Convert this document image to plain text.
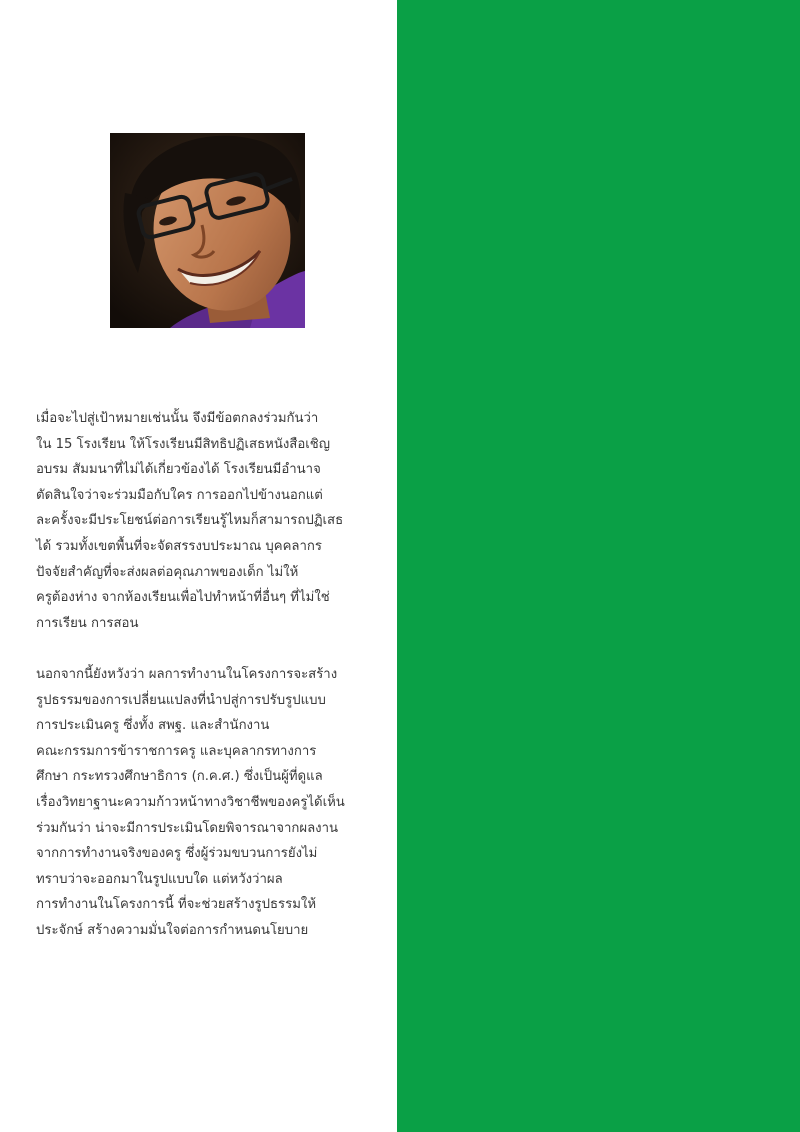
เมื่อจะไปสู่เป้าหมายเช่นนั้น จึงมีข้อตกลงร่วมกันว่า
ใน 15 โรงเรียน ให้โรงเรียนมีสิทธิปฏิเสธหนังสือเชิญ
อบรม สัมมนาที่ไม่ได้เกี่ยวข้องได้ โรงเรียนมีอำนาจ
ตัดสินใจว่าจะร่วมมือกับใคร การออกไปข้างนอกแต่
ละครั้งจะมีประโยชน์ต่อการเรียนรู้ไหมก็สามารถปฏิเสธ
ได้ รวมทั้งเขตพื้นที่จะจัดสรรงบประมาณ บุคคลากร
ปัจจัยสำคัญที่จะส่งผลต่อคุณภาพของเด็ก ไม่ให้
ครูต้องห่าง จากห้องเรียนเพื่อไปทำหน้าที่อื่นๆ ที่ไม่ใช่
การเรียน การสอน

นอกจากนี้ยังหวังว่า ผลการทำงานในโครงการจะสร้าง
รูปธรรมของการเปลี่ยนแปลงที่นำปสู่การปรับรูปแบบ
การประเมินครู ซึ่งทั้ง สพฐ. และสำนักงาน
คณะกรรมการข้าราชการครู และบุคลากรทางการ
ศึกษา กระทรวงศึกษาธิการ (ก.ค.ศ.) ซึ่งเป็นผู้ที่ดูแล
เรื่องวิทยาฐานะความก้าวหน้าทางวิชาชีพของครูได้เห็น
ร่วมกันว่า น่าจะมีการประเมินโดยพิจารณาจากผลงาน
จากการทำงานจริงของครู ซึ่งผู้ร่วมขบวนการยังไม่
ทราบว่าจะออกมาในรูปแบบใด แต่หวังว่าผล
การทำงานในโครงการนี้ ที่จะช่วยสร้างรูปธรรมให้
ประจักษ์ สร้างความมั่นใจต่อการกำหนดนโยบาย
